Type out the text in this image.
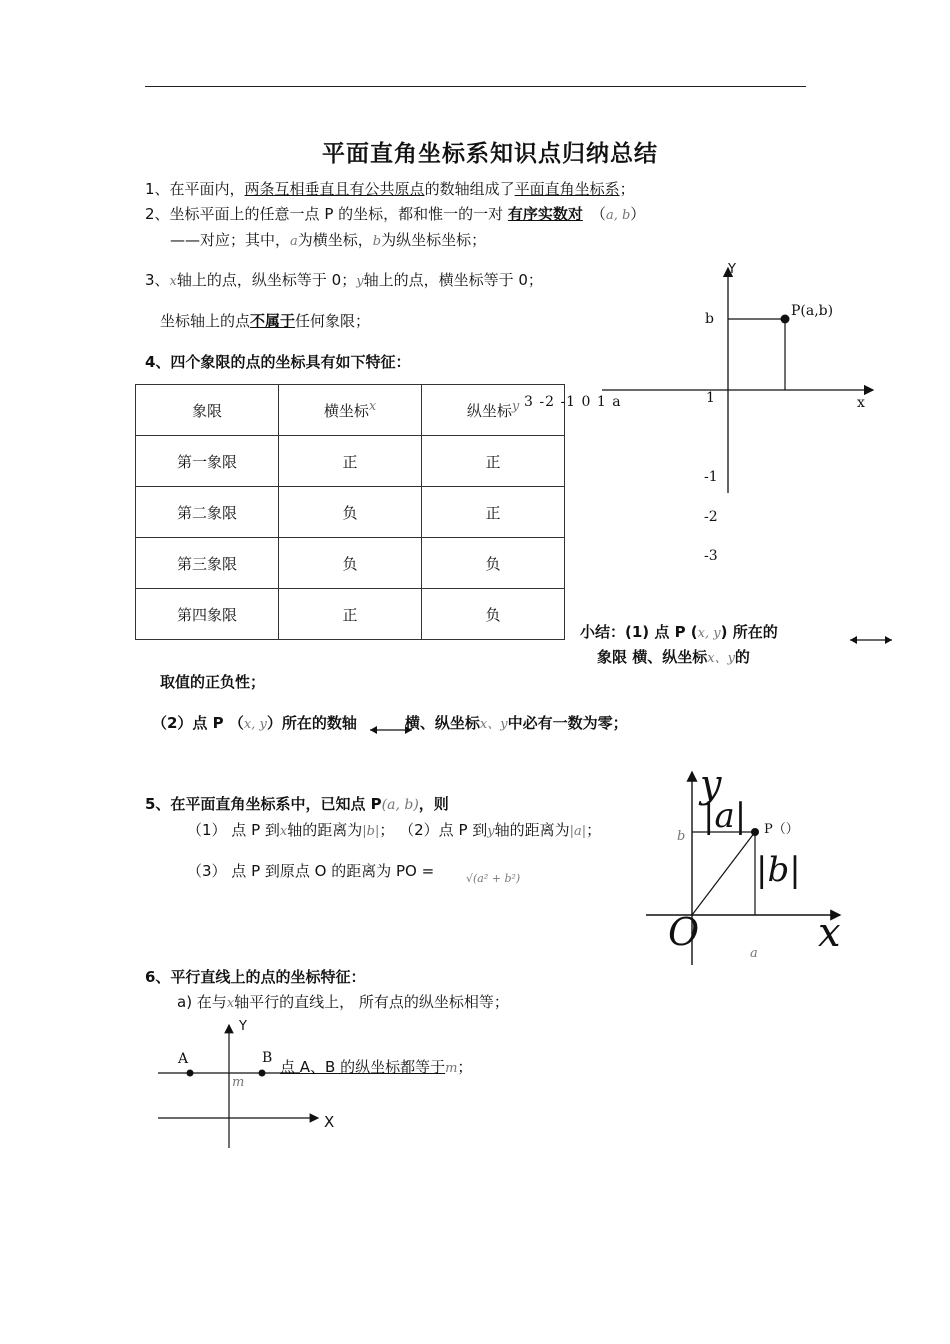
平面直角坐标系知识点归纳总结
1、在平面内，两条互相垂直且有公共原点的数轴组成了平面直角坐标系；
2、坐标平面上的任意一点 P 的坐标，都和惟一的一对 有序实数对 （a, b）
——对应；其中，a为横坐标，b为纵坐标坐标；
3、x轴上的点，纵坐标等于 0；y轴上的点，横坐标等于 0；
坐标轴上的点不属于任何象限；
4、四个象限的点的坐标具有如下特征：
象限	横坐标$^x$	纵坐标$^y$
第一象限	正	正
第二象限	负	正
第三象限	负	负
第四象限	正	负
3 -2 -1 0 1 a
Y
x
b	P(a,b)
1
-1
-2
-3
小结：(1) 点 P (x, y) 所在的
象限 横、纵坐标x、y的
取值的正负性；
（2）点 P （x, y）所在的数轴	横、纵坐标x、y中必有一数为零；
5、在平面直角坐标系中，已知点 P(a, b)，则
（1） 点 P 到x轴的距离为|b|； （2）点 P 到y轴的距离为|a|；
（3） 点 P 到原点 O 的距离为 PO =	√(a² + b²)
y
x
O
|a|
|b|
b
a
P（）
6、平行直线上的点的坐标特征：
a) 在与x轴平行的直线上， 所有点的纵坐标相等；
Y
X
A	B
m
点 A、B 的纵坐标都等于m；
